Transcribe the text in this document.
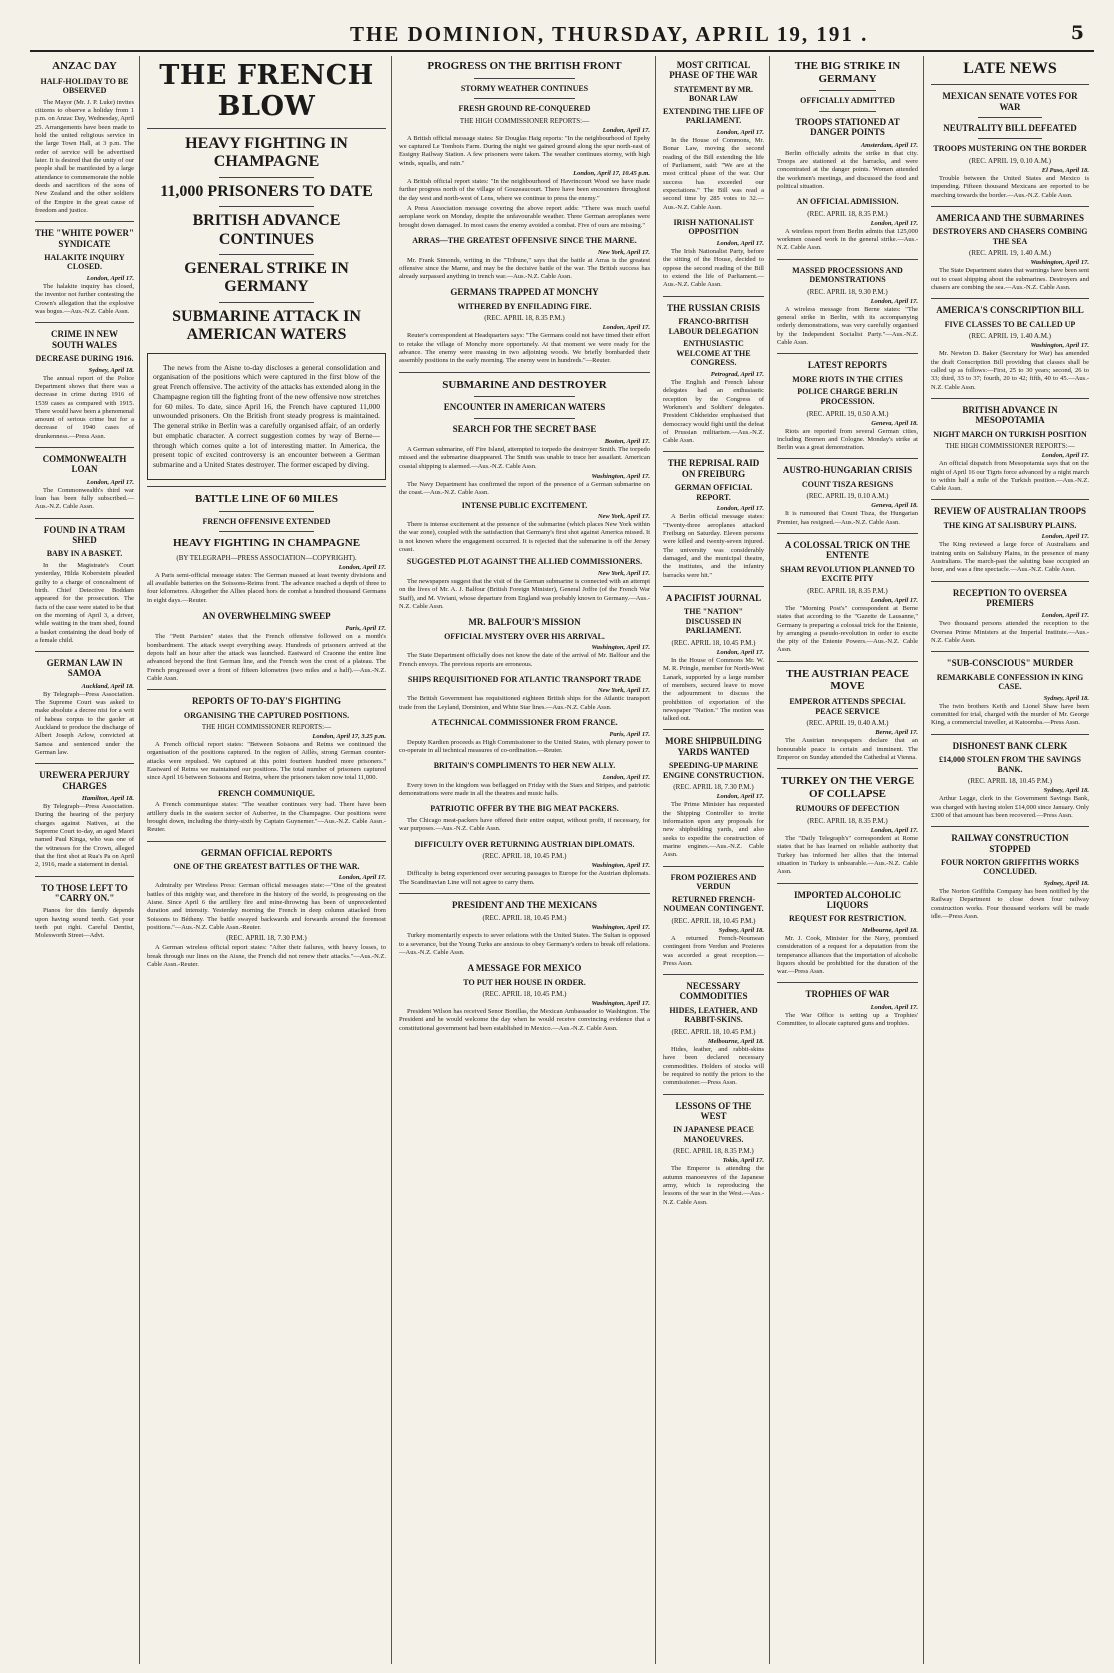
THE DOMINION, THURSDAY, APRIL 19, 191 .	5
ANZAC DAY
HALF-HOLIDAY TO BE OBSERVED

The Mayor (Mr. J. P. Luke) invites citizens to observe a holiday from 1 p.m. on Anzac Day, Wednesday, April 25. Arrangements have been made to hold the united religious service in the large Town Hall, at 3 p.m. The order of service will be advertised later. It is desired that the unity of our people shall be manifested by a large attendance to commemorate the noble deeds and sacrifices of the sons of New Zealand and the other soldiers of the Empire in the great cause of freedom and justice.

THE "WHITE POWER" SYNDICATE
HALAKITE INQUIRY CLOSED.
London, April 17.

The halakite inquiry has closed, the inventor not further contesting the Crown's allegation that the explosive was bogus.—Aus.-N.Z. Cable Assn.

CRIME IN NEW SOUTH WALES
DECREASE DURING 1916.
Sydney, April 18.

The annual report of the Police Department shows that there was a decrease in crime during 1916 of 1539 cases as compared with 1915. There would have been a phenomenal amount of serious crime but for a decrease of 1940 cases of drunkenness.—Press Assn.

COMMONWEALTH LOAN
London, April 17.

The Commonwealth's third war loan has been fully subscribed.—Aus.-N.Z. Cable Assn.

FOUND IN A TRAM SHED
BABY IN A BASKET.

In the Magistrate's Court yesterday, Hilda Koberstein pleaded guilty to a charge of concealment of birth. Chief Detective Boddam appeared for the prosecution. The facts of the case were stated to be that on the morning of April 3, a driver, while waiting in the tram shed, found a basket containing the dead body of a female child.

GERMAN LAW IN SAMOA
Auckland, April 18.

By Telegraph—Press Association. The Supreme Court was asked to make absolute a decree nisi for a writ of habeas corpus to the gaoler at Auckland to produce the discharge of Albert Joseph Arlow, convicted at Samoa and sentenced under the German law.

UREWERA PERJURY CHARGES
Hamilton, April 18.

By Telegraph—Press Association. During the hearing of the perjury charges against Natives, at the Supreme Court to-day, an aged Maori named Paul Kinga, who was one of the witnesses for the Crown, alleged that the first shot at Rua's Pa on April 2, 1916, made a statement in denial.

TO THOSE LEFT TO "CARRY ON."

Pianos for this family depends upon having sound teeth. Get your teeth put right. Careful Dentist, Molesworth Street—Advt.

THE FRENCH BLOW
HEAVY FIGHTING IN CHAMPAGNE
11,000 PRISONERS TO DATE
BRITISH ADVANCE CONTINUES
GENERAL STRIKE IN GERMANY
SUBMARINE ATTACK IN AMERICAN WATERS

The news from the Aisne to-day discloses a general consolidation and organisation of the positions which were captured in the first blow of the great French offensive. The activity of the attacks has extended along in the Champagne region till the fighting front of the new offensive now stretches for 60 miles. To date, since April 16, the French have captured 11,000 unwounded prisoners. On the British front steady progress is maintained. The general strike in Berlin was a carefully organised affair, of an orderly but emphatic character. A correct suggestion comes by way of Berne—through which comes quite a lot of interesting matter. In America, the present topic of excited controversy is an encounter between a German submarine and a United States destroyer. The former escaped by diving.

BATTLE LINE OF 60 MILES
FRENCH OFFENSIVE EXTENDED
HEAVY FIGHTING IN CHAMPAGNE
(BY TELEGRAPH—PRESS ASSOCIATION—COPYRIGHT).
London, April 17.

A Paris semi-official message states: The German massed at least twenty divisions and all available batteries on the Soissons-Reims front. The advance reached a depth of three to four kilometres. Altogether the Allies placed hors de combat a hundred thousand Germans in eight days.—Reuter.

AN OVERWHELMING SWEEP
Paris, April 17.

The "Petit Parisien" states that the French offensive followed on a month's bombardment. The attack swept everything away. Hundreds of prisoners arrived at the depots half an hour after the attack was launched. Eastward of Craonne the entire line advanced beyond the first German line, and the French won the crest of a plateau. The French progressed over a front of fifteen kilometres (two miles and a half).—Aus.-N.Z. Cable Assn.

REPORTS OF TO-DAY'S FIGHTING
ORGANISING THE CAPTURED POSITIONS.
THE HIGH COMMISSIONER REPORTS:—
London, April 17, 3.25 p.m.

A French official report states: "Between Soissons and Reims we continued the organisation of the positions captured. In the region of Aillès, strong German counter-attacks were repulsed. We captured at this point fourteen hundred more prisoners." Eastward of Reims we maintained our positions. The total number of prisoners captured since April 16 between Soissons and Reims, where the prisoners taken now total 11,000.

FRENCH COMMUNIQUE.

A French communique states: "The weather continues very bad. There have been artillery duels in the eastern sector of Auberive, in the Champagne. Our positions were brought down, including the thirty-sixth by Captain Guynemer."—Aus.-N.Z. Cable Assn.-Reuter.

GERMAN OFFICIAL REPORTS
ONE OF THE GREATEST BATTLES OF THE WAR.
London, April 17.

Admiralty per Wireless Press: German official messages state:—"One of the greatest battles of this mighty war, and therefore in the history of the world, is progressing on the Aisne. Since April 6 the artillery fire and mine-throwing has been of unprecedented duration and intensity. Yesterday morning the French in deep column attacked from Soissons to Bétheny. The battle swayed backwards and forwards around the foremost positions."—Aus.-N.Z. Cable Assn.-Reuter.

(REC. APRIL 18, 7.30 P.M.)

A German wireless official report states: "After their failures, with heavy losses, to break through our lines on the Aisne, the French did not renew their attacks."—Aus.-N.Z. Cable Assn.-Reuter.

PROGRESS ON THE BRITISH FRONT
STORMY WEATHER CONTINUES
FRESH GROUND RE-CONQUERED
THE HIGH COMMISSIONER REPORTS:—
London, April 17.

A British official message states: Sir Douglas Haig reports: "In the neighbourhood of Epehy we captured Le Tombois Farm. During the night we gained ground along the spur north-east of Essigny Railway Station. A few prisoners were taken. The weather continues stormy, with high winds, squalls, and rain."

London, April 17, 10.45 p.m.

A British official report states: "In the neighbourhood of Havrincourt Wood we have made further progress north of the village of Gouzeaucourt. There have been encounters throughout the day west and north-west of Lens, where we continue to press the enemy."

A Press Association message covering the above report adds: "There was much useful aeroplane work on Monday, despite the unfavourable weather. Three German aeroplanes were brought down damaged. In most cases the enemy avoided a combat. Five of ours are missing."

ARRAS—THE GREATEST OFFENSIVE SINCE THE MARNE.
New York, April 17.

Mr. Frank Simonds, writing in the "Tribune," says that the battle at Arras is the greatest offensive since the Marne, and may be the decisive battle of the war. The British success has already surpassed anything in trench war.—Aus.-N.Z. Cable Assn.

GERMANS TRAPPED AT MONCHY
WITHERED BY ENFILADING FIRE.
(REC. APRIL 18, 8.35 P.M.)
London, April 17.

Reuter's correspondent at Headquarters says: "The Germans could not have timed their effort to retake the village of Monchy more opportunely. At that moment we were ready for the advance. The enemy were massing in two adjoining woods. We briefly bombarded their assembly positions in the early morning. The enemy were in hundreds."—Reuter.

SUBMARINE AND DESTROYER
ENCOUNTER IN AMERICAN WATERS
SEARCH FOR THE SECRET BASE
Boston, April 17.

A German submarine, off Fire Island, attempted to torpedo the destroyer Smith. The torpedo missed and the submarine disappeared. The Smith was unable to trace her assailant. American coastal shipping is alarmed.—Aus.-N.Z. Cable Assn.

Washington, April 17.

The Navy Department has confirmed the report of the presence of a German submarine on the coast.—Aus.-N.Z. Cable Assn.

INTENSE PUBLIC EXCITEMENT.
New York, April 17.

There is intense excitement at the presence of the submarine (which places New York within the war zone), coupled with the satisfaction that Germany's first shot against America missed. It is not known where the engagement occurred. It is rejected that the submarine is off the Jersey coast.

SUGGESTED PLOT AGAINST THE ALLIED COMMISSIONERS.
New York, April 17.

The newspapers suggest that the visit of the German submarine is connected with an attempt on the lives of Mr. A. J. Balfour (British Foreign Minister), General Joffre (of the French War Staff), and M. Viviani, whose departure from England was probably known to Germany.—Aus.-N.Z. Cable Assn.

MR. BALFOUR'S MISSION
OFFICIAL MYSTERY OVER HIS ARRIVAL.
Washington, April 17.

The State Department officially does not know the date of the arrival of Mr. Balfour and the French envoys. The previous reports are erroneous.

SHIPS REQUISITIONED FOR ATLANTIC TRANSPORT TRADE
New York, April 17.

The British Government has requisitioned eighteen British ships for the Atlantic transport trade from the Leyland, Dominion, and White Star lines.—Aus.-N.Z. Cable Assn.

A TECHNICAL COMMISSIONER FROM FRANCE.
Paris, April 17.

Deputy Kardien proceeds as High Commissioner to the United States, with plenary power to co-operate in all technical measures of co-ordination.—Reuter.

BRITAIN'S COMPLIMENTS TO HER NEW ALLY.
London, April 17.

Every town in the kingdom was beflagged on Friday with the Stars and Stripes, and patriotic demonstrations were made in all the theatres and music halls.

PATRIOTIC OFFER BY THE BIG MEAT PACKERS.

The Chicago meat-packers have offered their entire output, without profit, if necessary, for war purposes.—Aus.-N.Z. Cable Assn.

DIFFICULTY OVER RETURNING AUSTRIAN DIPLOMATS.
(REC. APRIL 18, 10.45 P.M.)
Washington, April 17.

Difficulty is being experienced over securing passages to Europe for the Austrian diplomats. The Scandinavian Line will not agree to carry them.

PRESIDENT AND THE MEXICANS
(REC. APRIL 18, 10.45 P.M.)
Washington, April 17.

Turkey momentarily expects to sever relations with the United States. The Sultan is opposed to a severance, but the Young Turks are anxious to obey Germany's orders to break off relations.—Aus.-N.Z. Cable Assn.

A MESSAGE FOR MEXICO
TO PUT HER HOUSE IN ORDER.
(REC. APRIL 18, 10.45 P.M.)
Washington, April 17.

President Wilson has received Senor Bonillas, the Mexican Ambassador to Washington. The President and he would welcome the day when he would receive convincing evidence that a constitutional government had been established in Mexico.—Aus.-N.Z. Cable Assn.

MOST CRITICAL PHASE OF THE WAR
STATEMENT BY MR. BONAR LAW
EXTENDING THE LIFE OF PARLIAMENT.
London, April 17.

In the House of Commons, Mr. Bonar Law, moving the second reading of the Bill extending the life of Parliament, said: "We are at the most critical phase of the war. Our success has exceeded our expectations." The Bill was read a second time by 285 votes to 32.—Aus.-N.Z. Cable Assn.

IRISH NATIONALIST OPPOSITION
London, April 17.

The Irish Nationalist Party, before the sitting of the House, decided to oppose the second reading of the Bill to extend the life of Parliament.—Aus.-N.Z. Cable Assn.

THE RUSSIAN CRISIS
FRANCO-BRITISH LABOUR DELEGATION
ENTHUSIASTIC WELCOME AT THE CONGRESS.
Petrograd, April 17.

The English and French labour delegates had an enthusiastic reception by the Congress of Workmen's and Soldiers' delegates. President Chkheidze emphasised that democracy would fight until the defeat of Prussian militarism.—Aus.-N.Z. Cable Assn.

THE REPRISAL RAID ON FREIBURG
GERMAN OFFICIAL REPORT.
London, April 17.

A Berlin official message states: "Twenty-three aeroplanes attacked Freiburg on Saturday. Eleven persons were killed and twenty-seven injured. The university was considerably damaged, and the municipal theatre, the institutes, and the infantry barracks were hit."

A PACIFIST JOURNAL
THE "NATION" DISCUSSED IN PARLIAMENT.
(REC. APRIL 18, 10.45 P.M.)
London, April 17.

In the House of Commons Mr. W. M. R. Pringle, member for North-West Lanark, supported by a large number of members, secured leave to move the adjournment to discuss the prohibition of exportation of the newspaper "Nation." The motion was talked out.

MORE SHIPBUILDING YARDS WANTED
SPEEDING-UP MARINE ENGINE CONSTRUCTION.
(REC. APRIL 18, 7.30 P.M.)
London, April 17.

The Prime Minister has requested the Shipping Controller to invite information upon any proposals for new shipbuilding yards, and also seeks to expedite the construction of marine engines.—Aus.-N.Z. Cable Assn.

FROM POZIERES AND VERDUN
RETURNED FRENCH-NOUMEAN CONTINGENT.
(REC. APRIL 18, 10.45 P.M.)
Sydney, April 18.

A returned French-Noumean contingent from Verdun and Pozieres was accorded a great reception.—Press Assn.

NECESSARY COMMODITIES
HIDES, LEATHER, AND RABBIT-SKINS.
(REC. APRIL 18, 10.45 P.M.)
Melbourne, April 18.

Hides, leather, and rabbit-skins have been declared necessary commodities. Holders of stocks will be required to notify the prices to the commissioner.—Press Assn.

LESSONS OF THE WEST
IN JAPANESE PEACE MANOEUVRES.
(REC. APRIL 18, 8.35 P.M.)
Tokio, April 17.

The Emperor is attending the autumn manoeuvres of the Japanese army, which is reproducing the lessons of the war in the West.—Aus.-N.Z. Cable Assn.

THE BIG STRIKE IN GERMANY
OFFICIALLY ADMITTED
TROOPS STATIONED AT DANGER POINTS
Amsterdam, April 17.

Berlin officially admits the strike in that city. Troops are stationed at the barracks, and were concentrated at the danger points. Women attended the workmen's meetings, and discussed the food and political situation.

AN OFFICIAL ADMISSION.
(REC. APRIL 18, 8.35 P.M.)
London, April 17.

A wireless report from Berlin admits that 125,000 workmen ceased work in the general strike.—Aus.-N.Z. Cable Assn.

MASSED PROCESSIONS AND DEMONSTRATIONS
(REC. APRIL 18, 9.30 P.M.)
London, April 17.

A wireless message from Berne states: "The general strike in Berlin, with its accompanying orderly demonstrations, was very carefully organised by the Independent Socialist Party."—Aus.-N.Z. Cable Assn.

LATEST REPORTS
MORE RIOTS IN THE CITIES
POLICE CHARGE BERLIN PROCESSION.
(REC. APRIL 19, 0.50 A.M.)
Geneva, April 18.

Riots are reported from several German cities, including Bremen and Cologne. Monday's strike at Berlin was a great demonstration.

AUSTRO-HUNGARIAN CRISIS
COUNT TISZA RESIGNS
(REC. APRIL 19, 0.10 A.M.)
Geneva, April 18.

It is rumoured that Count Tisza, the Hungarian Premier, has resigned.—Aus.-N.Z. Cable Assn.

A COLOSSAL TRICK ON THE ENTENTE
SHAM REVOLUTION PLANNED TO EXCITE PITY
(REC. APRIL 18, 8.35 P.M.)
London, April 17.

The "Morning Post's" correspondent at Berne states that according to the "Gazette de Lausanne," Germany is preparing a colossal trick for the Entente, by arranging a pseudo-revolution in order to excite the pity of the Entente Powers.—Aus.-N.Z. Cable Assn.

THE AUSTRIAN PEACE MOVE
EMPEROR ATTENDS SPECIAL PEACE SERVICE
(REC. APRIL 19, 0.40 A.M.)
Berne, April 17.

The Austrian newspapers declare that an honourable peace is certain and imminent. The Emperor on Sunday attended the Cathedral at Vienna.

TURKEY ON THE VERGE OF COLLAPSE
RUMOURS OF DEFECTION
(REC. APRIL 18, 8.35 P.M.)
London, April 17.

The "Daily Telegraph's" correspondent at Rome states that he has learned on reliable authority that Turkey has informed her allies that the internal situation in Turkey is unbearable.—Aus.-N.Z. Cable Assn.

IMPORTED ALCOHOLIC LIQUORS
REQUEST FOR RESTRICTION.
Melbourne, April 18.

Mr. J. Cook, Minister for the Navy, promised consideration of a request for a deputation from the temperance alliances that the importation of alcoholic liquors should be prohibited for the duration of the war.—Press Assn.

TROPHIES OF WAR
London, April 17.

The War Office is setting up a Trophies' Committee, to allocate captured guns and trophies.

LATE NEWS
MEXICAN SENATE VOTES FOR WAR
NEUTRALITY BILL DEFEATED
TROOPS MUSTERING ON THE BORDER
(REC. APRIL 19, 0.10 A.M.)
El Paso, April 18.

Trouble between the United States and Mexico is impending. Fifteen thousand Mexicans are reported to be marching towards the border.—Aus.-N.Z. Cable Assn.

AMERICA AND THE SUBMARINES
DESTROYERS AND CHASERS COMBING THE SEA
(REC. APRIL 19, 1.40 A.M.)
Washington, April 17.

The State Department states that warnings have been sent out to coast shipping about the submarines. Destroyers and chasers are combing the sea.—Aus.-N.Z. Cable Assn.

AMERICA'S CONSCRIPTION BILL
FIVE CLASSES TO BE CALLED UP
(REC. APRIL 19, 1.40 A.M.)
Washington, April 17.

Mr. Newton D. Baker (Secretary for War) has amended the draft Conscription Bill providing that classes shall be called up as follows:—First, 25 to 30 years; second, 26 to 33; third, 33 to 37; fourth, 20 to 42; fifth, 40 to 45.—Aus.-N.Z. Cable Assn.

BRITISH ADVANCE IN MESOPOTAMIA
NIGHT MARCH ON TURKISH POSITION
THE HIGH COMMISSIONER REPORTS:—
London, April 17.

An official dispatch from Mesopotamia says that on the night of April 16 our Tigris force advanced by a night march to within half a mile of the Turkish position.—Aus.-N.Z. Cable Assn.

REVIEW OF AUSTRALIAN TROOPS
THE KING AT SALISBURY PLAINS.
London, April 17.

The King reviewed a large force of Australians and training units on Salisbury Plains, in the presence of many Australians. The march-past the saluting base occupied an hour, and was a fine spectacle.—Aus.-N.Z. Cable Assn.

RECEPTION TO OVERSEA PREMIERS
London, April 17.

Two thousand persons attended the reception to the Oversea Prime Ministers at the Imperial Institute.—Aus.-N.Z. Cable Assn.

"SUB-CONSCIOUS" MURDER
REMARKABLE CONFESSION IN KING CASE.
Sydney, April 18.

The twin brothers Keith and Lionel Shaw have been committed for trial, charged with the murder of Mr. George King, a commercial traveller, at Katoomba.—Press Assn.

DISHONEST BANK CLERK
£14,000 STOLEN FROM THE SAVINGS BANK.
(REC. APRIL 18, 10.45 P.M.)
Sydney, April 18.

Arthur Legge, clerk in the Government Savings Bank, was charged with having stolen £14,000 since January. Only £300 of that amount has been recovered.—Press Assn.

RAILWAY CONSTRUCTION STOPPED
FOUR NORTON GRIFFITHS WORKS CONCLUDED.
Sydney, April 18.

The Norton Griffiths Company has been notified by the Railway Department to close down four railway construction works. Four thousand workers will be made idle.—Press Assn.
